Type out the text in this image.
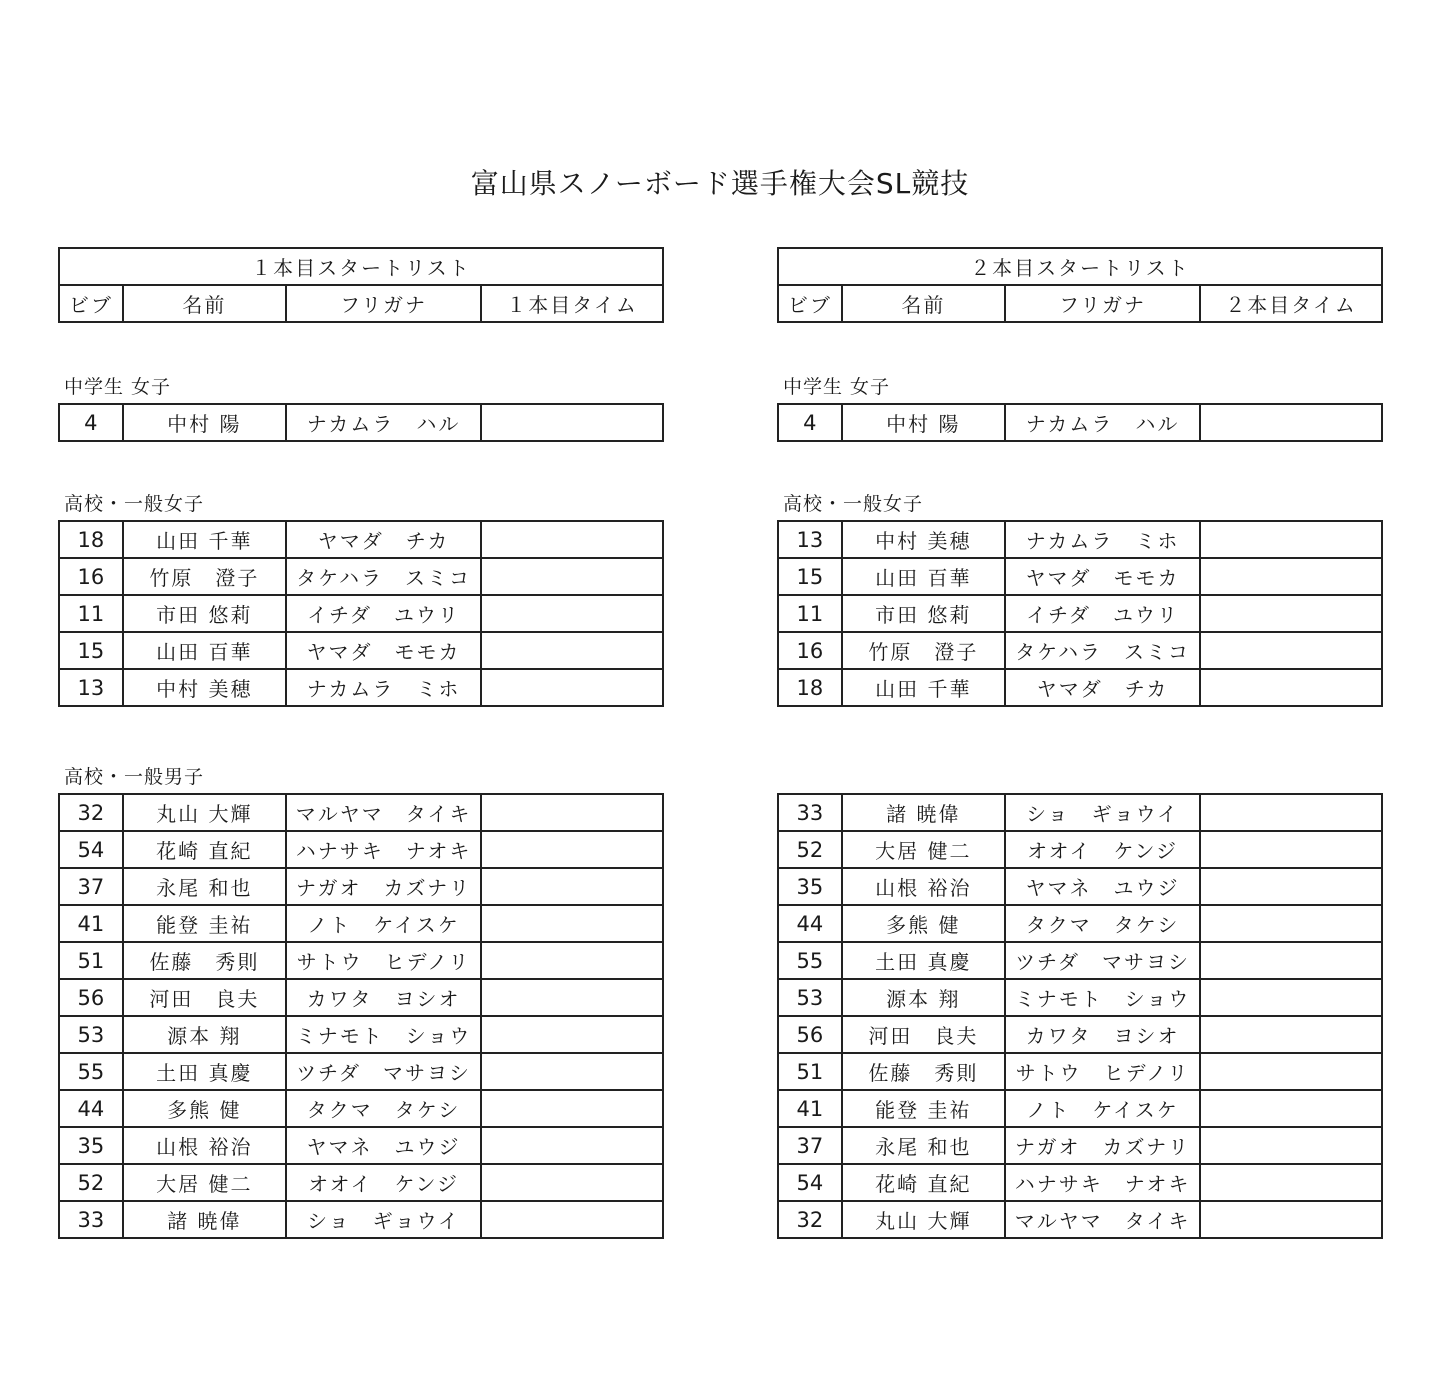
富山県スノーボード選手権大会SL競技
１本目スタートリスト
ビブ	名前	フリガナ	１本目タイム
中学生 女子
4	中村 陽	ナカムラ　ハル	
高校・一般女子
18	山田 千華	ヤマダ　チカ	
16	竹原　澄子	タケハラ　スミコ	
11	市田 悠莉	イチダ　ユウリ	
15	山田 百華	ヤマダ　モモカ	
13	中村 美穂	ナカムラ　ミホ	
高校・一般男子
32	丸山 大輝	マルヤマ　タイキ	
54	花崎 直紀	ハナサキ　ナオキ	
37	永尾 和也	ナガオ　カズナリ	
41	能登 圭祐	ノト　ケイスケ	
51	佐藤　秀則	サトウ　ヒデノリ	
56	河田　良夫	カワタ　ヨシオ	
53	源本 翔	ミナモト　ショウ	
55	土田 真慶	ツチダ　マサヨシ	
44	多熊 健	タクマ　タケシ	
35	山根 裕治	ヤマネ　ユウジ	
52	大居 健二	オオイ　ケンジ	
33	諸 暁偉	ショ　ギョウイ	
２本目スタートリスト
ビブ	名前	フリガナ	２本目タイム
中学生 女子
4	中村 陽	ナカムラ　ハル	
高校・一般女子
13	中村 美穂	ナカムラ　ミホ	
15	山田 百華	ヤマダ　モモカ	
11	市田 悠莉	イチダ　ユウリ	
16	竹原　澄子	タケハラ　スミコ	
18	山田 千華	ヤマダ　チカ	
33	諸 暁偉	ショ　ギョウイ	
52	大居 健二	オオイ　ケンジ	
35	山根 裕治	ヤマネ　ユウジ	
44	多熊 健	タクマ　タケシ	
55	土田 真慶	ツチダ　マサヨシ	
53	源本 翔	ミナモト　ショウ	
56	河田　良夫	カワタ　ヨシオ	
51	佐藤　秀則	サトウ　ヒデノリ	
41	能登 圭祐	ノト　ケイスケ	
37	永尾 和也	ナガオ　カズナリ	
54	花崎 直紀	ハナサキ　ナオキ	
32	丸山 大輝	マルヤマ　タイキ	
